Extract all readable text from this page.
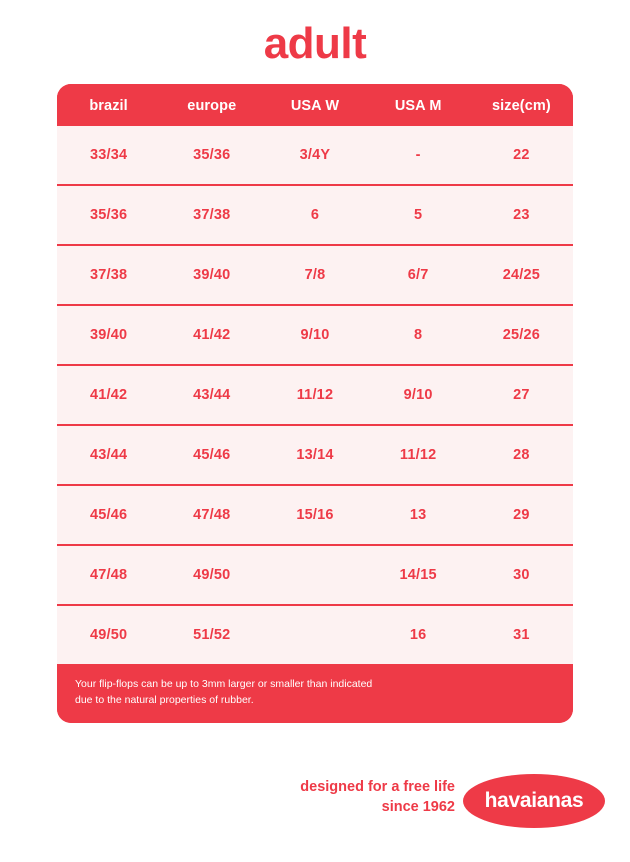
adult
brazil	europe	USA W	USA M	size(cm)
33/34	35/36	3/4Y	-	22
35/36	37/38	6	5	23
37/38	39/40	7/8	6/7	24/25
39/40	41/42	9/10	8	25/26
41/42	43/44	11/12	9/10	27
43/44	45/46	13/14	11/12	28
45/46	47/48	15/16	13	29
47/48	49/50		14/15	30
49/50	51/52		16	31
Your flip-flops can be up to 3mm larger or smaller than indicated
due to the natural properties of rubber.
designed for a free life
since 1962 havaianas
